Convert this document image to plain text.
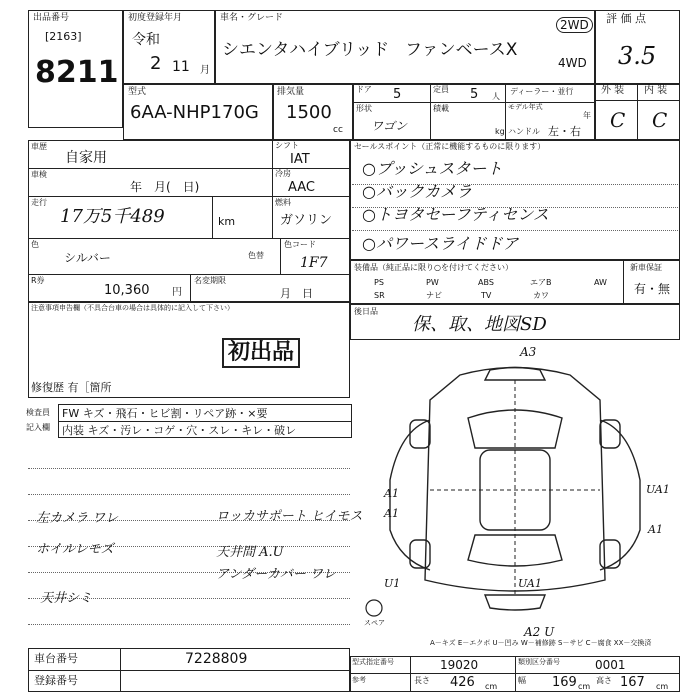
出品番号
[2163]
8211
初度登録年月
令和
2 11 月
車名・グレード
シエンタハイブリッド ファンベースX
2WD
4WD
評 価 点
3.5
型式
6AA-NHP170G
排気量
1500
cc
ドア 5	定員 5 人
ディーラー・並行
形状
ワゴン
積載
kg
モデル年式
年
ハンドル 左・右
外 装 内 装
C C
車歴
自家用
シフト
IAT
車検
年　月(　日)
冷房
AAC
走行
17万5千489	km
燃料
ガソリン
色
シルバー	色替
色コード
1F7
R券
10,360 円
名変期限
月　日
セールスポイント（正常に機能するものに限ります）
○プッシュスタート
○バックカメラ
○トヨタセーフティセンス
○パワースライドドア
装備品（純正品に限り○を付けてください）
PS	PW	ABS	エアB	AW
SR	ナビ	TV	カワ
新車保証
有・無
後日品
保、取、地図SD
注意事項申告欄（不具合台車の場合は具体的に記入して下さい）
初出品
修復歴 有［箇所
検査員
記入欄
FW キズ・飛石・ヒビ割・リペア跡・×要
内装 キズ・汚レ・コゲ・穴・スレ・キレ・破レ
左カメラ ワレ
ホイルレモズ
天井シミ
ロッカサポート ヒイモス
天井間 A.U
アンダーカバー ワレ
A3
A1	UA1
A1
A1
UA1
U1
A2 U
スペア
A－キズ E－エクボ U－凹み W－補修跡 S－サビ C－腐食 XX－交換済
車台番号	7228809
登録番号
型式指定番号	19020	類別区分番号	0001
参考	長さ 426 cm
幅 169 cm
高さ 167 cm
